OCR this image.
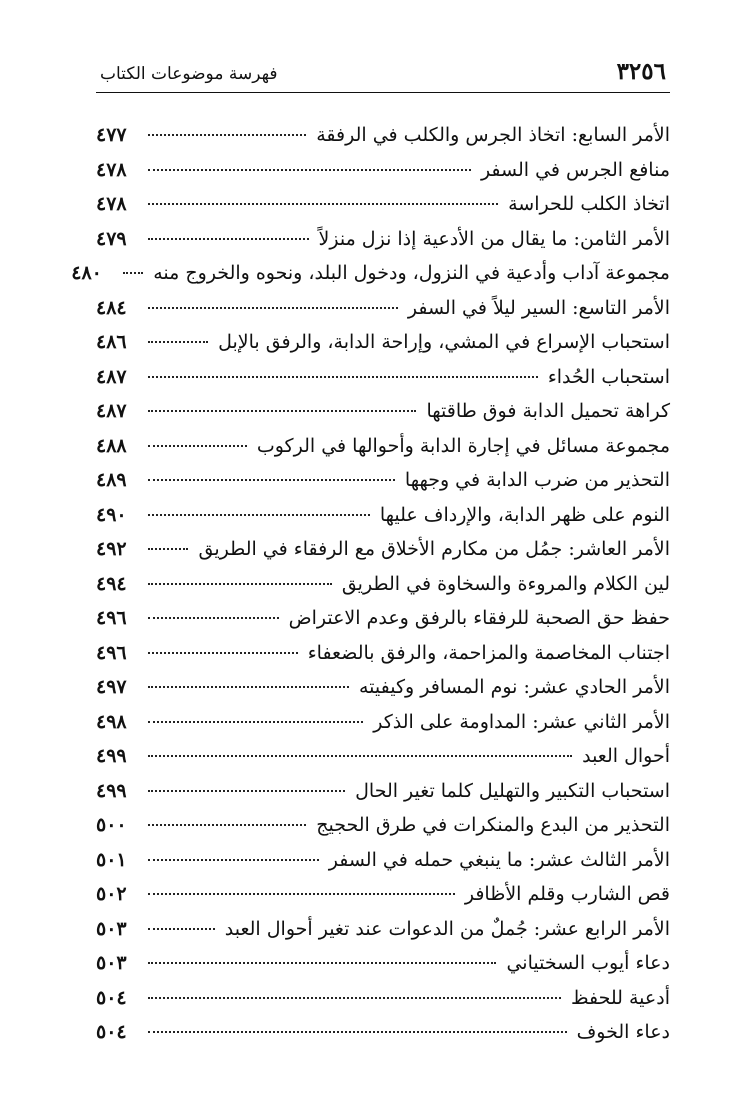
٣٢٥٦
فهرسة موضوعات الكتاب
الأمر السابع: اتخاذ الجرس والكلب في الرفقة
٤٧٧
منافع الجرس في السفر
٤٧٨
اتخاذ الكلب للحراسة
٤٧٨
الأمر الثامن: ما يقال من الأدعية إذا نزل منزلاً
٤٧٩
مجموعة آداب وأدعية في النزول، ودخول البلد، ونحوه والخروج منه
٤٨٠
الأمر التاسع: السير ليلاً في السفر
٤٨٤
استحباب الإسراع في المشي، وإراحة الدابة، والرفق بالإبل
٤٨٦
استحباب الحُداء
٤٨٧
كراهة تحميل الدابة فوق طاقتها
٤٨٧
مجموعة مسائل في إجارة الدابة وأحوالها في الركوب
٤٨٨
التحذير من ضرب الدابة في وجهها
٤٨٩
النوم على ظهر الدابة، والإرداف عليها
٤٩٠
الأمر العاشر: جمُل من مكارم الأخلاق مع الرفقاء في الطريق
٤٩٢
لين الكلام والمروءة والسخاوة في الطريق
٤٩٤
حفظ حق الصحبة للرفقاء بالرفق وعدم الاعتراض
٤٩٦
اجتناب المخاصمة والمزاحمة، والرفق بالضعفاء
٤٩٦
الأمر الحادي عشر: نوم المسافر وكيفيته
٤٩٧
الأمر الثاني عشر: المداومة على الذكر
٤٩٨
أحوال العبد
٤٩٩
استحباب التكبير والتهليل كلما تغير الحال
٤٩٩
التحذير من البدع والمنكرات في طرق الحجيج
٥٠٠
الأمر الثالث عشر: ما ينبغي حمله في السفر
٥٠١
قص الشارب وقلم الأظافر
٥٠٢
الأمر الرابع عشر: جُملٌ من الدعوات عند تغير أحوال العبد
٥٠٣
دعاء أيوب السختياني
٥٠٣
أدعية للحفظ
٥٠٤
دعاء الخوف
٥٠٤
